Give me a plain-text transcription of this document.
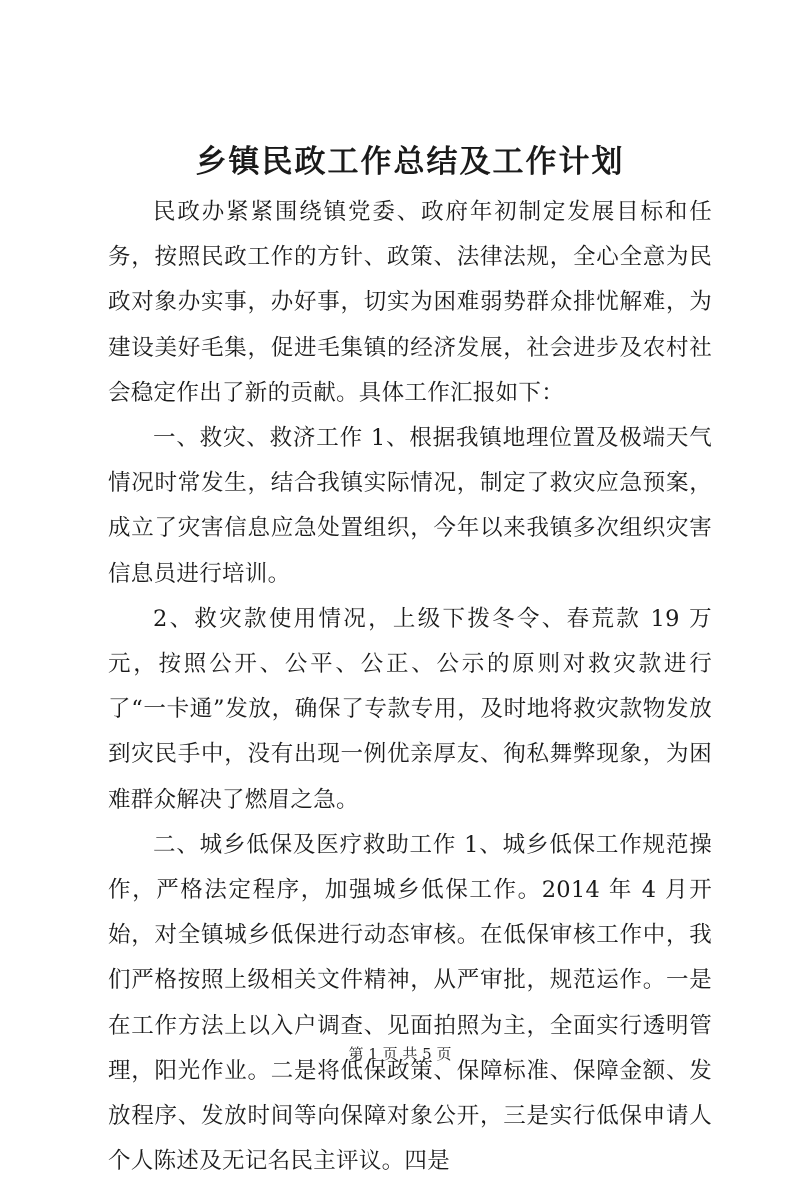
乡镇民政工作总结及工作计划

民政办紧紧围绕镇党委、政府年初制定发展目标和任务，按照民政工作的方针、政策、法律法规，全心全意为民政对象办实事，办好事，切实为困难弱势群众排忧解难，为建设美好毛集，促进毛集镇的经济发展，社会进步及农村社会稳定作出了新的贡献。具体工作汇报如下：

一、救灾、救济工作 1、根据我镇地理位置及极端天气情况时常发生，结合我镇实际情况，制定了救灾应急预案，成立了灾害信息应急处置组织，今年以来我镇多次组织灾害信息员进行培训。

2、救灾款使用情况，上级下拨冬令、春荒款 19 万元，按照公开、公平、公正、公示的原则对救灾款进行了“一卡通”发放，确保了专款专用，及时地将救灾款物发放到灾民手中，没有出现一例优亲厚友、徇私舞弊现象，为困难群众解决了燃眉之急。

二、城乡低保及医疗救助工作 1、城乡低保工作规范操作，严格法定程序，加强城乡低保工作。2014 年 4 月开始，对全镇城乡低保进行动态审核。在低保审核工作中，我们严格按照上级相关文件精神，从严审批，规范运作。一是在工作方法上以入户调查、见面拍照为主，全面实行透明管理，阳光作业。二是将低保政策、保障标准、保障金额、发放程序、发放时间等向保障对象公开，三是实行低保申请人个人陈述及无记名民主评议。四是

第 1 页 共 5 页
